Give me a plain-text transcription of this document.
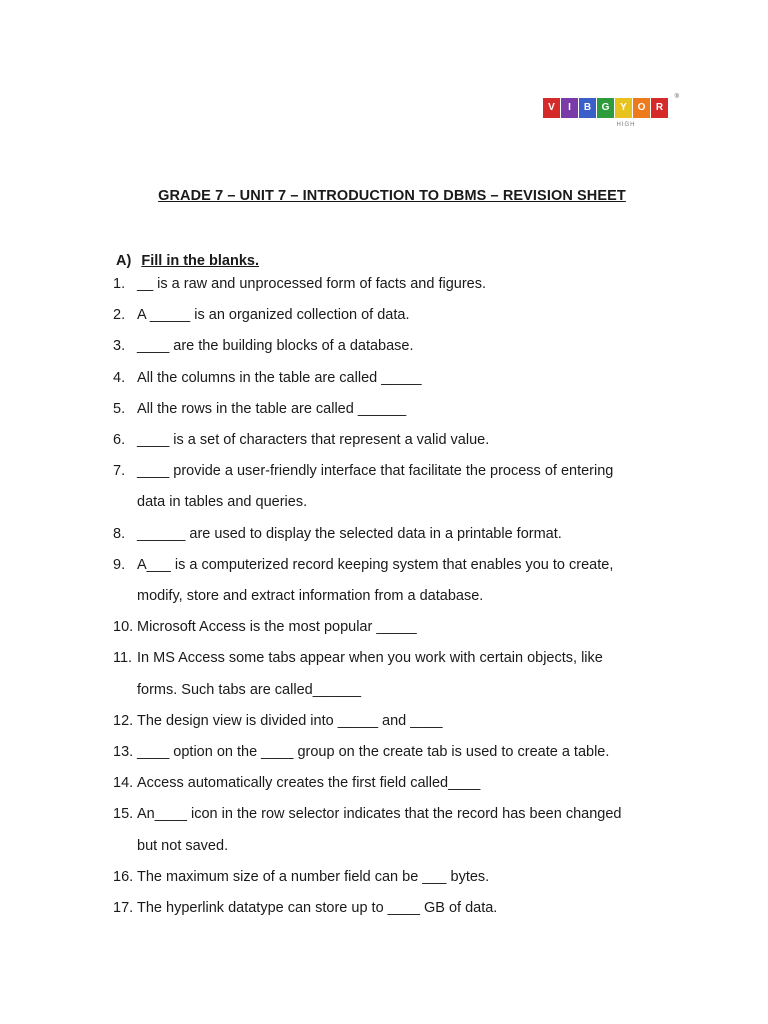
V	I	B	G	Y	O	R
®
HIGH
GRADE 7 – UNIT 7 – INTRODUCTION TO DBMS – REVISION SHEET
A) Fill in the blanks.
1. __ is a raw and unprocessed form of facts and figures.
2. A _____ is an organized collection of data.
3. ____ are the building blocks of a database.
4. All the columns in the table are called _____
5. All the rows in the table are called ______
6. ____ is a set of characters that represent a valid value.
7. ____ provide a user-friendly interface that facilitate the process of entering
data in tables and queries.
8. ______ are used to display the selected data in a printable format.
9. A___ is a computerized record keeping system that enables you to create,
modify, store and extract information from a database.
10. Microsoft Access is the most popular _____
11. In MS Access some tabs appear when you work with certain objects, like
forms. Such tabs are called______
12. The design view is divided into _____ and ____
13. ____ option on the ____ group on the create tab is used to create a table.
14. Access automatically creates the first field called____
15. An____ icon in the row selector indicates that the record has been changed
but not saved.
16. The maximum size of a number field can be ___ bytes.
17. The hyperlink datatype can store up to ____ GB of data.
